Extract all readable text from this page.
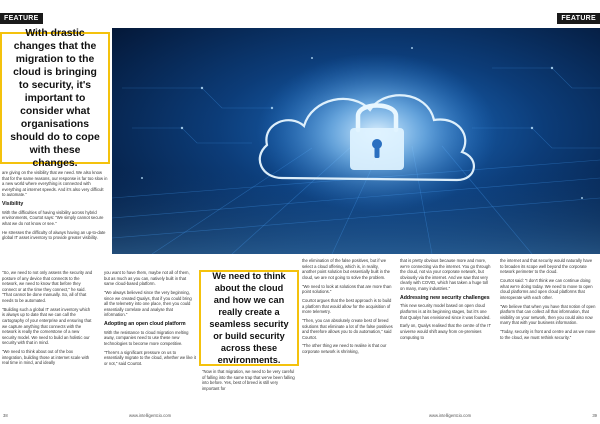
FEATURE
With drastic changes that the migration to the cloud is bringing to security, it's important to consider what organisations should do to cope with these changes.

are giving on the visibility that we need. We also know that for the same reasons, our response is far too slow in a new world where everything is connected with everything at internet speeds. And it's also very difficult to automate."

Visibility

With the difficulties of having visibility across hybrid environments, Courtot says: "We simply cannot secure what we do not know or see."

He stresses the difficulty of always having an up-to-date global IT asset inventory to provide greater visibility.

"So, we need to not only assess the security and posture of any device that connects to the network, we need to know that before they connect or at the time they connect," he said. "That cannot be done manually. So, all of that needs to be automated.

"Building such a global IT asset inventory which is always up to date that we can call the cartography of your enterprise and ensuring that we capture anything that connects with the network is really the cornerstone of a new security model. We need to build an holistic our security with that in mind.

"We need to think about out of the box integration, building those at internet scale with real time in mind, and ideally

you want to have them, maybe not all of them, but as much as you can, natively built in that same cloud-based platform.

"We always believed since the very beginning, since we created Qualys, that if you could bring all the telemetry into one place, then you could essentially correlate and analyse that information."

Adopting an open cloud platform

With the resistance to cloud migration melting away, companies need to use these new technologies to become more competitive.

"There's a significant pressure on us to essentially migrate to the cloud, whether we like it or not," said Courtot.

We need to think about the cloud and how we can really create a seamless security or build security across these environments.

"Now in that migration, we need to be very careful of falling into the same trap that we've been falling into before. Yes, best of breed is still very important for

38	www.intelligentcio.com
FEATURE

the elimination of the false positives, but if we select a cloud offering, which is, in reality, another point solution but essentially built in the cloud, we are not going to solve the problem.

"We need to look at solutions that are more than point solutions."

Courtot argues that the best approach is to build a platform that would allow for the acquisition of more telemetry.

"Then, you can absolutely create best of breed solutions that eliminate a lot of the false positives and therefore allows you to do automation," said Courtot.

"The other thing we need to realise is that our corporate network is shrinking,

that is pretty obvious because more and more, we're connecting via the internet. You go through the cloud, not via your corporate network, but obviously via the internet. And we saw that very clearly with COVID, which has taken a huge toll on many, many industries."

Addressing new security challenges

This new security model based on open cloud platforms is at its beginning stages, but it's one that Qualys has envisioned since it was founded.

Early on, Qualys realised that the centre of the IT universe would shift away from on-premises computing to

the internet and that security would naturally have to broaden its scope well beyond the corporate network perimeter to the cloud.

Courtot said: "I don't think we can continue doing what we're doing today. We need to move to open cloud platforms and open cloud platforms that interoperate with each other.

"We believe that when you have that notion of open platform that can collect all that information, that visibility on your network, then you could also now marry that with your business information.

"Today, security is front and centre and as we move to the cloud, we must rethink security."

www.intelligentcio.com	39
